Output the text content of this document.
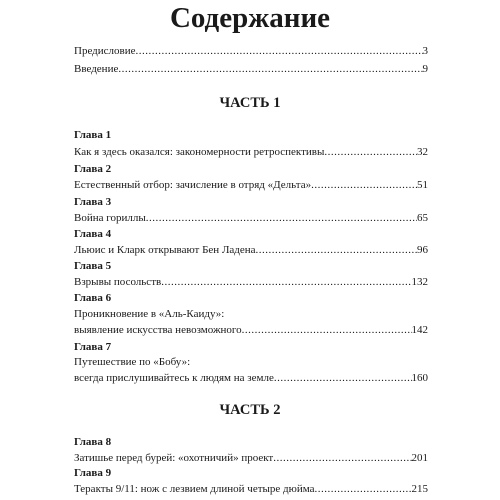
Содержание
Предисловие .....	3
Введение .....	9
ЧАСТЬ 1
Глава 1
Как я здесь оказался: закономерности ретроспективы .....	32
Глава 2
Естественный отбор: зачисление в отряд «Дельта» .....	51
Глава 3
Война гориллы .....	65
Глава 4
Льюис и Кларк открывают Бен Ладена .....	96
Глава 5
Взрывы посольств .....	132
Глава 6
Проникновение в «Аль-Каиду»:
выявление искусства невозможного .....	142
Глава 7
Путешествие по «Бобу»:
всегда прислушивайтесь к людям на земле .....	160
ЧАСТЬ 2
Глава 8
Затишье перед бурей: «охотничий» проект .....	201
Глава 9
Теракты 9/11: нож с лезвием длиной четыре дюйма .....	215
